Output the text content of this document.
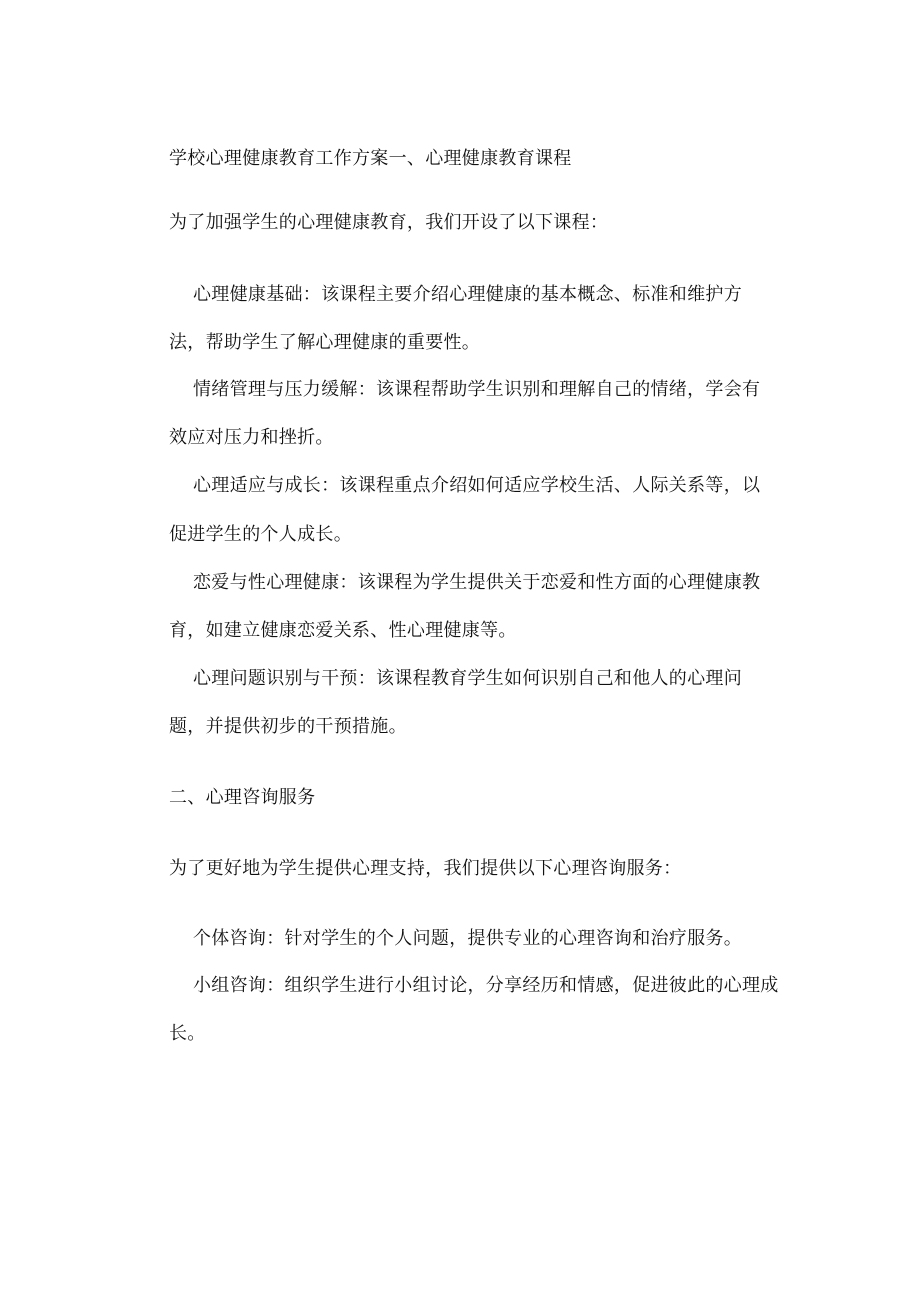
学校心理健康教育工作方案一、心理健康教育课程
为了加强学生的心理健康教育，我们开设了以下课程：
心理健康基础：该课程主要介绍心理健康的基本概念、标准和维护方
法，帮助学生了解心理健康的重要性。
情绪管理与压力缓解：该课程帮助学生识别和理解自己的情绪，学会有
效应对压力和挫折。
心理适应与成长：该课程重点介绍如何适应学校生活、人际关系等，以
促进学生的个人成长。
恋爱与性心理健康：该课程为学生提供关于恋爱和性方面的心理健康教
育，如建立健康恋爱关系、性心理健康等。
心理问题识别与干预：该课程教育学生如何识别自己和他人的心理问
题，并提供初步的干预措施。
二、心理咨询服务
为了更好地为学生提供心理支持，我们提供以下心理咨询服务：
个体咨询：针对学生的个人问题，提供专业的心理咨询和治疗服务。
小组咨询：组织学生进行小组讨论，分享经历和情感，促进彼此的心理成
长。
